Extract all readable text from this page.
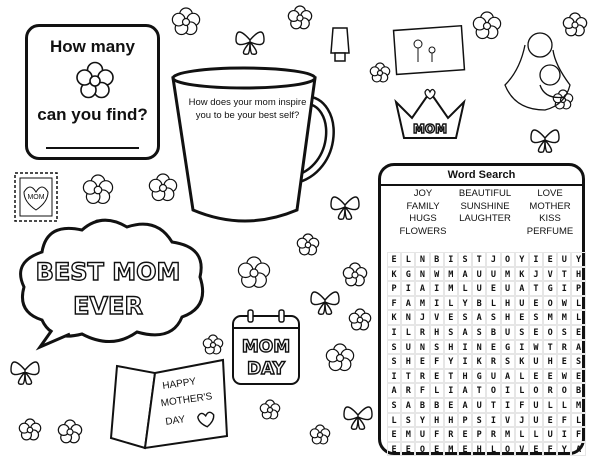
How many
can you find?
How does your mom inspire you to be your best self?
BEST MOM
EVER
MOM
DAY
HAPPY
MOTHER'S
DAY
MOM
MOM
Word Search
JOY
FAMILY
HUGS
FLOWERS
BEAUTIFUL
SUNSHINE
LAUGHTER
LOVE
MOTHER
KISS
PERFUME
E	L	N	B	I	S	T	J	O	Y	I	E	U	Y
K	G	N	W	M	A	U	U	M	K	J	V	T	H
P	I	A	I	M	L	U	E	U	A	T	G	I	P
F	A	M	I	L	Y	B	L	H	U	E	O	W	L
K	N	J	V	E	S	A	S	H	E	S	M	M	L
I	L	R	H	S	A	S	B	U	S	E	O	S	E
S	U	N	S	H	I	N	E	G	I	W	T	R	A
S	H	E	F	Y	I	K	R	S	K	U	H	E	S
I	T	R	E	T	H	G	U	A	L	E	E	W	E
A	R	F	L	I	A	T	O	I	L	O	R	O	B
S	A	B	B	E	A	U	T	I	F	U	L	L	M
L	S	Y	H	H	P	S	I	V	J	U	E	F	L
E	M	U	F	R	E	P	R	M	L	L	U	I	F
E	E	O	E	M	E	H	L	O	V	E	F	Y	A
